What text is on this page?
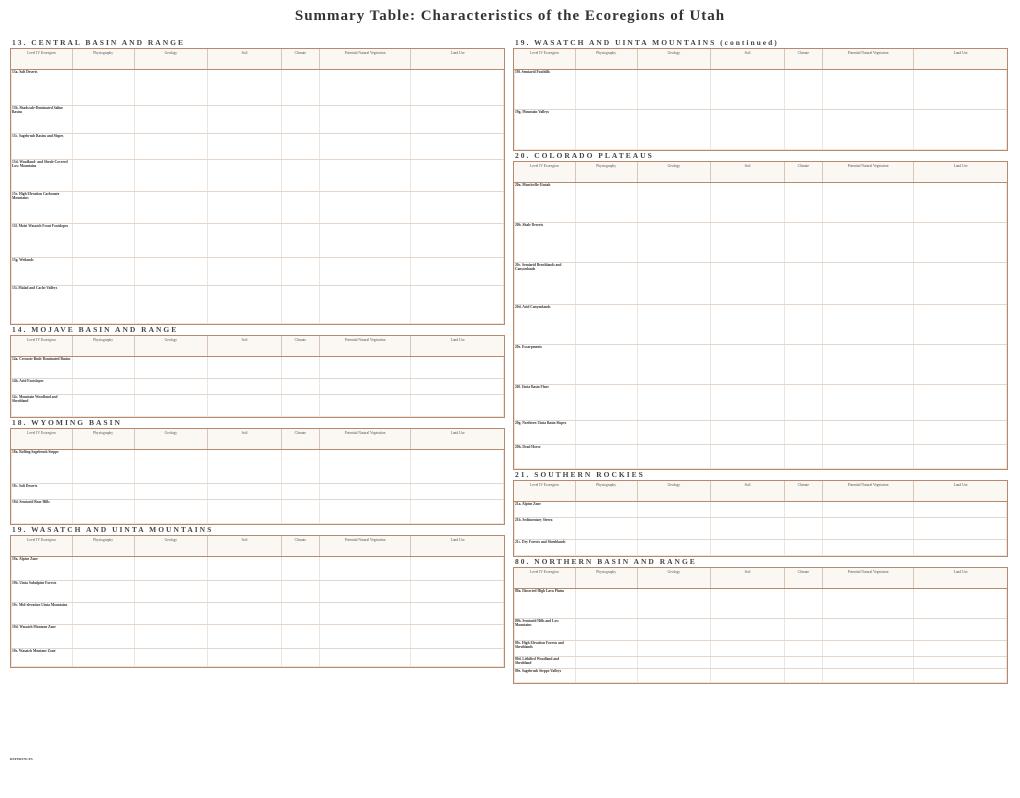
Summary Table: Characteristics of the Ecoregions of Utah
13. CENTRAL BASIN AND RANGE
Level IV Ecoregion	Physiography	Geology	Soil	Climate	Potential Natural Vegetation	Land Use
13a. Salt Deserts
13b. Shadscale-Dominated Saline Basins
13c. Sagebrush Basins and Slopes
13d. Woodland- and Shrub-Covered Low Mountains
13e. High Elevation Carbonate Mountains
13f. Moist Wasatch Front Footslopes
13g. Wetlands
13i. Malad and Cache Valleys
14. MOJAVE BASIN AND RANGE
Level IV Ecoregion	Physiography	Geology	Soil	Climate	Potential Natural Vegetation	Land Use
14a. Creosote Bush-Dominated Basins
14b. Arid Footslopes
14c. Mountain Woodland and Shrubland
18. WYOMING BASIN
Level IV Ecoregion	Physiography	Geology	Soil	Climate	Potential Natural Vegetation	Land Use
18a. Rolling Sagebrush Steppe
18c. Salt Deserts
18d. Semiarid Bear Hills
19. WASATCH AND UINTA MOUNTAINS
Level IV Ecoregion	Physiography	Geology	Soil	Climate	Potential Natural Vegetation	Land Use
19a. Alpine Zone
19b. Uinta Subalpine Forests
19c. Mid-elevation Uinta Mountains
19d. Wasatch Montane Zone
19e. Wasatch Montane Zone
19. WASATCH AND UINTA MOUNTAINS (continued)
Level IV Ecoregion	Physiography	Geology	Soil	Climate	Potential Natural Vegetation	Land Use
19f. Semiarid Foothills
19g. Mountain Valleys
20. COLORADO PLATEAUS
Level IV Ecoregion	Physiography	Geology	Soil	Climate	Potential Natural Vegetation	Land Use
20a. Monticello-Uintah
20b. Shale Deserts
20c. Semiarid Benchlands and Canyonlands
20d. Arid Canyonlands
20e. Escarpments
20f. Uinta Basin Floor
20g. Northern Uinta Basin Slopes
20h. Dead Horse
21. SOUTHERN ROCKIES
Level IV Ecoregion	Physiography	Geology	Soil	Climate	Potential Natural Vegetation	Land Use
21a. Alpine Zone
21b. Sedimentary Sierra
21c. Dry Forests and Shrublands
80. NORTHERN BASIN AND RANGE
Level IV Ecoregion	Physiography	Geology	Soil	Climate	Potential Natural Vegetation	Land Use
80a. Dissected High Lava Plains
80b. Semiarid Hills and Low Mountains
80c. High Elevation Forests and Shrublands
80d. Lithified Woodland and Shrubland
80e. Sagebrush Steppe Valleys
REFERENCES
